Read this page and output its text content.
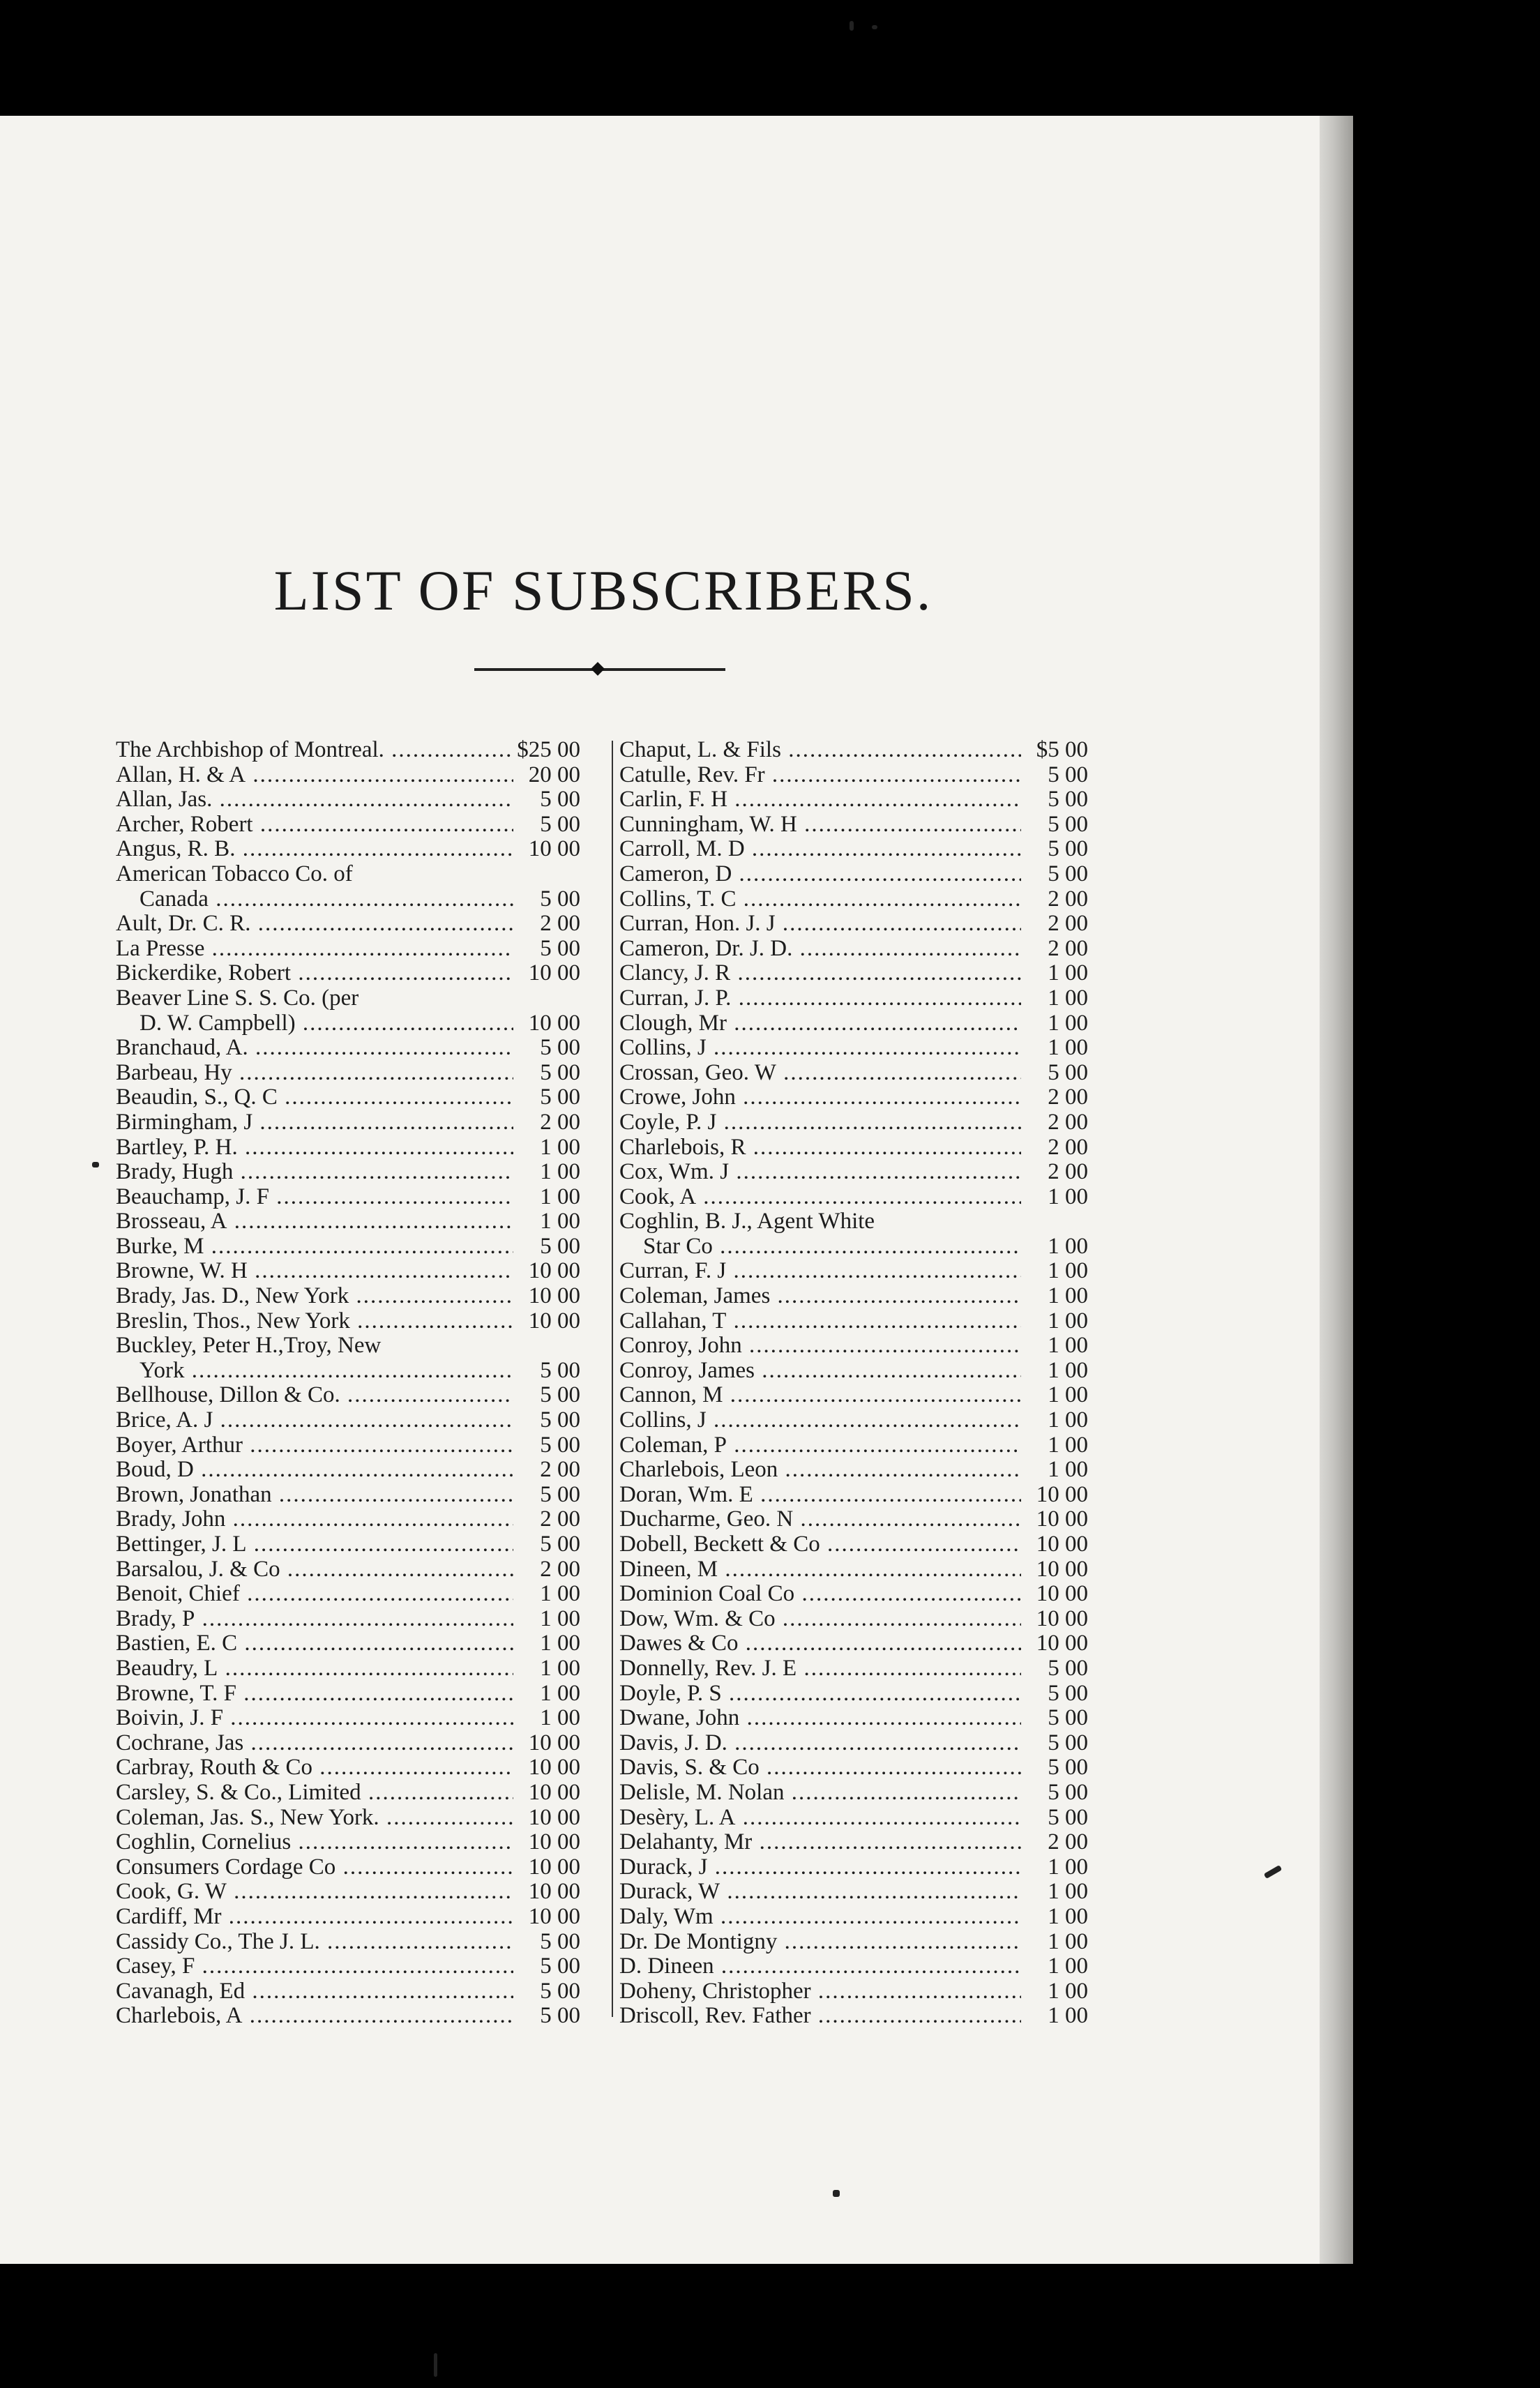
LIST OF SUBSCRIBERS.
The Archbishop of Montreal. .....	$25 00
Allan, H. & A .....	20 00
Allan, Jas. .....	5 00
Archer, Robert .....	5 00
Angus, R. B. .....	10 00
American Tobacco Co. of
Canada .....	5 00
Ault, Dr. C. R. .....	2 00
La Presse .....	5 00
Bickerdike, Robert .....	10 00
Beaver Line S. S. Co. (per
D. W. Campbell) .....	10 00
Branchaud, A. .....	5 00
Barbeau, Hy .....	5 00
Beaudin, S., Q. C .....	5 00
Birmingham, J .....	2 00
Bartley, P. H. .....	1 00
Brady, Hugh .....	1 00
Beauchamp, J. F .....	1 00
Brosseau, A .....	1 00
Burke, M .....	5 00
Browne, W. H .....	10 00
Brady, Jas. D., New York .....	10 00
Breslin, Thos., New York .....	10 00
Buckley, Peter H.,Troy, New
York .....	5 00
Bellhouse, Dillon & Co. .....	5 00
Brice, A. J .....	5 00
Boyer, Arthur .....	5 00
Boud, D .....	2 00
Brown, Jonathan .....	5 00
Brady, John .....	2 00
Bettinger, J. L .....	5 00
Barsalou, J. & Co .....	2 00
Benoit, Chief .....	1 00
Brady, P .....	1 00
Bastien, E. C .....	1 00
Beaudry, L .....	1 00
Browne, T. F .....	1 00
Boivin, J. F .....	1 00
Cochrane, Jas .....	10 00
Carbray, Routh & Co .....	10 00
Carsley, S. & Co., Limited .....	10 00
Coleman, Jas. S., New York. .....	10 00
Coghlin, Cornelius .....	10 00
Consumers Cordage Co .....	10 00
Cook, G. W .....	10 00
Cardiff, Mr .....	10 00
Cassidy Co., The J. L. .....	5 00
Casey, F .....	5 00
Cavanagh, Ed .....	5 00
Charlebois, A .....	5 00
Chaput, L. & Fils .....	$5 00
Catulle, Rev. Fr .....	5 00
Carlin, F. H .....	5 00
Cunningham, W. H .....	5 00
Carroll, M. D .....	5 00
Cameron, D .....	5 00
Collins, T. C .....	2 00
Curran, Hon. J. J .....	2 00
Cameron, Dr. J. D. .....	2 00
Clancy, J. R .....	1 00
Curran, J. P. .....	1 00
Clough, Mr .....	1 00
Collins, J .....	1 00
Crossan, Geo. W .....	5 00
Crowe, John .....	2 00
Coyle, P. J .....	2 00
Charlebois, R .....	2 00
Cox, Wm. J .....	2 00
Cook, A .....	1 00
Coghlin, B. J., Agent White
Star Co .....	1 00
Curran, F. J .....	1 00
Coleman, James .....	1 00
Callahan, T .....	1 00
Conroy, John .....	1 00
Conroy, James .....	1 00
Cannon, M .....	1 00
Collins, J .....	1 00
Coleman, P .....	1 00
Charlebois, Leon .....	1 00
Doran, Wm. E .....	10 00
Ducharme, Geo. N .....	10 00
Dobell, Beckett & Co .....	10 00
Dineen, M .....	10 00
Dominion Coal Co .....	10 00
Dow, Wm. & Co .....	10 00
Dawes & Co .....	10 00
Donnelly, Rev. J. E .....	5 00
Doyle, P. S .....	5 00
Dwane, John .....	5 00
Davis, J. D. .....	5 00
Davis, S. & Co .....	5 00
Delisle, M. Nolan .....	5 00
Desèry, L. A .....	5 00
Delahanty, Mr .....	2 00
Durack, J .....	1 00
Durack, W .....	1 00
Daly, Wm .....	1 00
Dr. De Montigny .....	1 00
D. Dineen .....	1 00
Doheny, Christopher .....	1 00
Driscoll, Rev. Father .....	1 00
